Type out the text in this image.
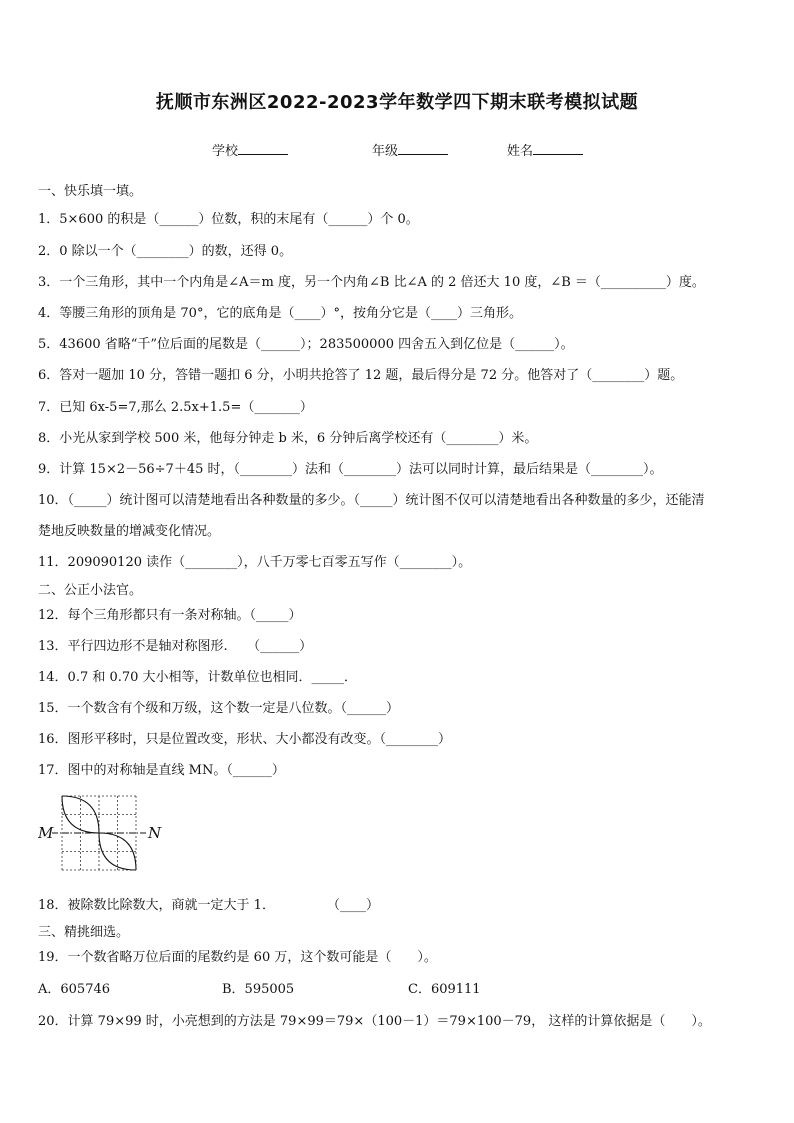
抚顺市东洲区2022-2023学年数学四下期末联考模拟试题
学校	年级	姓名
一、快乐填一填。
1．5×600 的积是（______）位数，积的末尾有（______）个 0。
2．0 除以一个（________）的数，还得 0。
3．一个三角形，其中一个内角是∠A＝m 度，另一个内角∠B 比∠A 的 2 倍还大 10 度，∠B ＝（__________）度。
4．等腰三角形的顶角是 70°，它的底角是（____）°，按角分它是（____）三角形。
5．43600 省略“千”位后面的尾数是（______）；283500000 四舍五入到亿位是（______）。
6．答对一题加 10 分，答错一题扣 6 分，小明共抢答了 12 题，最后得分是 72 分。他答对了（________）题。
7．已知 6x-5=7,那么 2.5x+1.5=（_______）
8．小光从家到学校 500 米，他每分钟走 b 米，6 分钟后离学校还有（________）米。
9．计算 15×2－56÷7＋45 时，（________）法和（________）法可以同时计算，最后结果是（________）。
10．（_____）统计图可以清楚地看出各种数量的多少。（_____）统计图不仅可以清楚地看出各种数量的多少，还能清
楚地反映数量的增减变化情况。
11．209090120 读作（________），八千万零七百零五写作（________）。
二、公正小法官。
12．每个三角形都只有一条对称轴。（_____）
13．平行四边形不是轴对称图形.　　（______）
14．0.7 和 0.70 大小相等，计数单位也相同．_____．
15．一个数含有个级和万级，这个数一定是八位数。（______）
16．图形平移时，只是位置改变，形状、大小都没有改变。（________）
17．图中的对称轴是直线 MN。（______）
M	N
18．被除数比除数大，商就一定大于 1．　　　　　（____）
三、精挑细选。
19．一个数省略万位后面的尾数约是 60 万，这个数可能是（　　）。
A．605746	B．595005	C．609111
20．计算 79×99 时，小亮想到的方法是 79×99＝79×（100－1）＝79×100－79， 这样的计算依据是（　　）。
